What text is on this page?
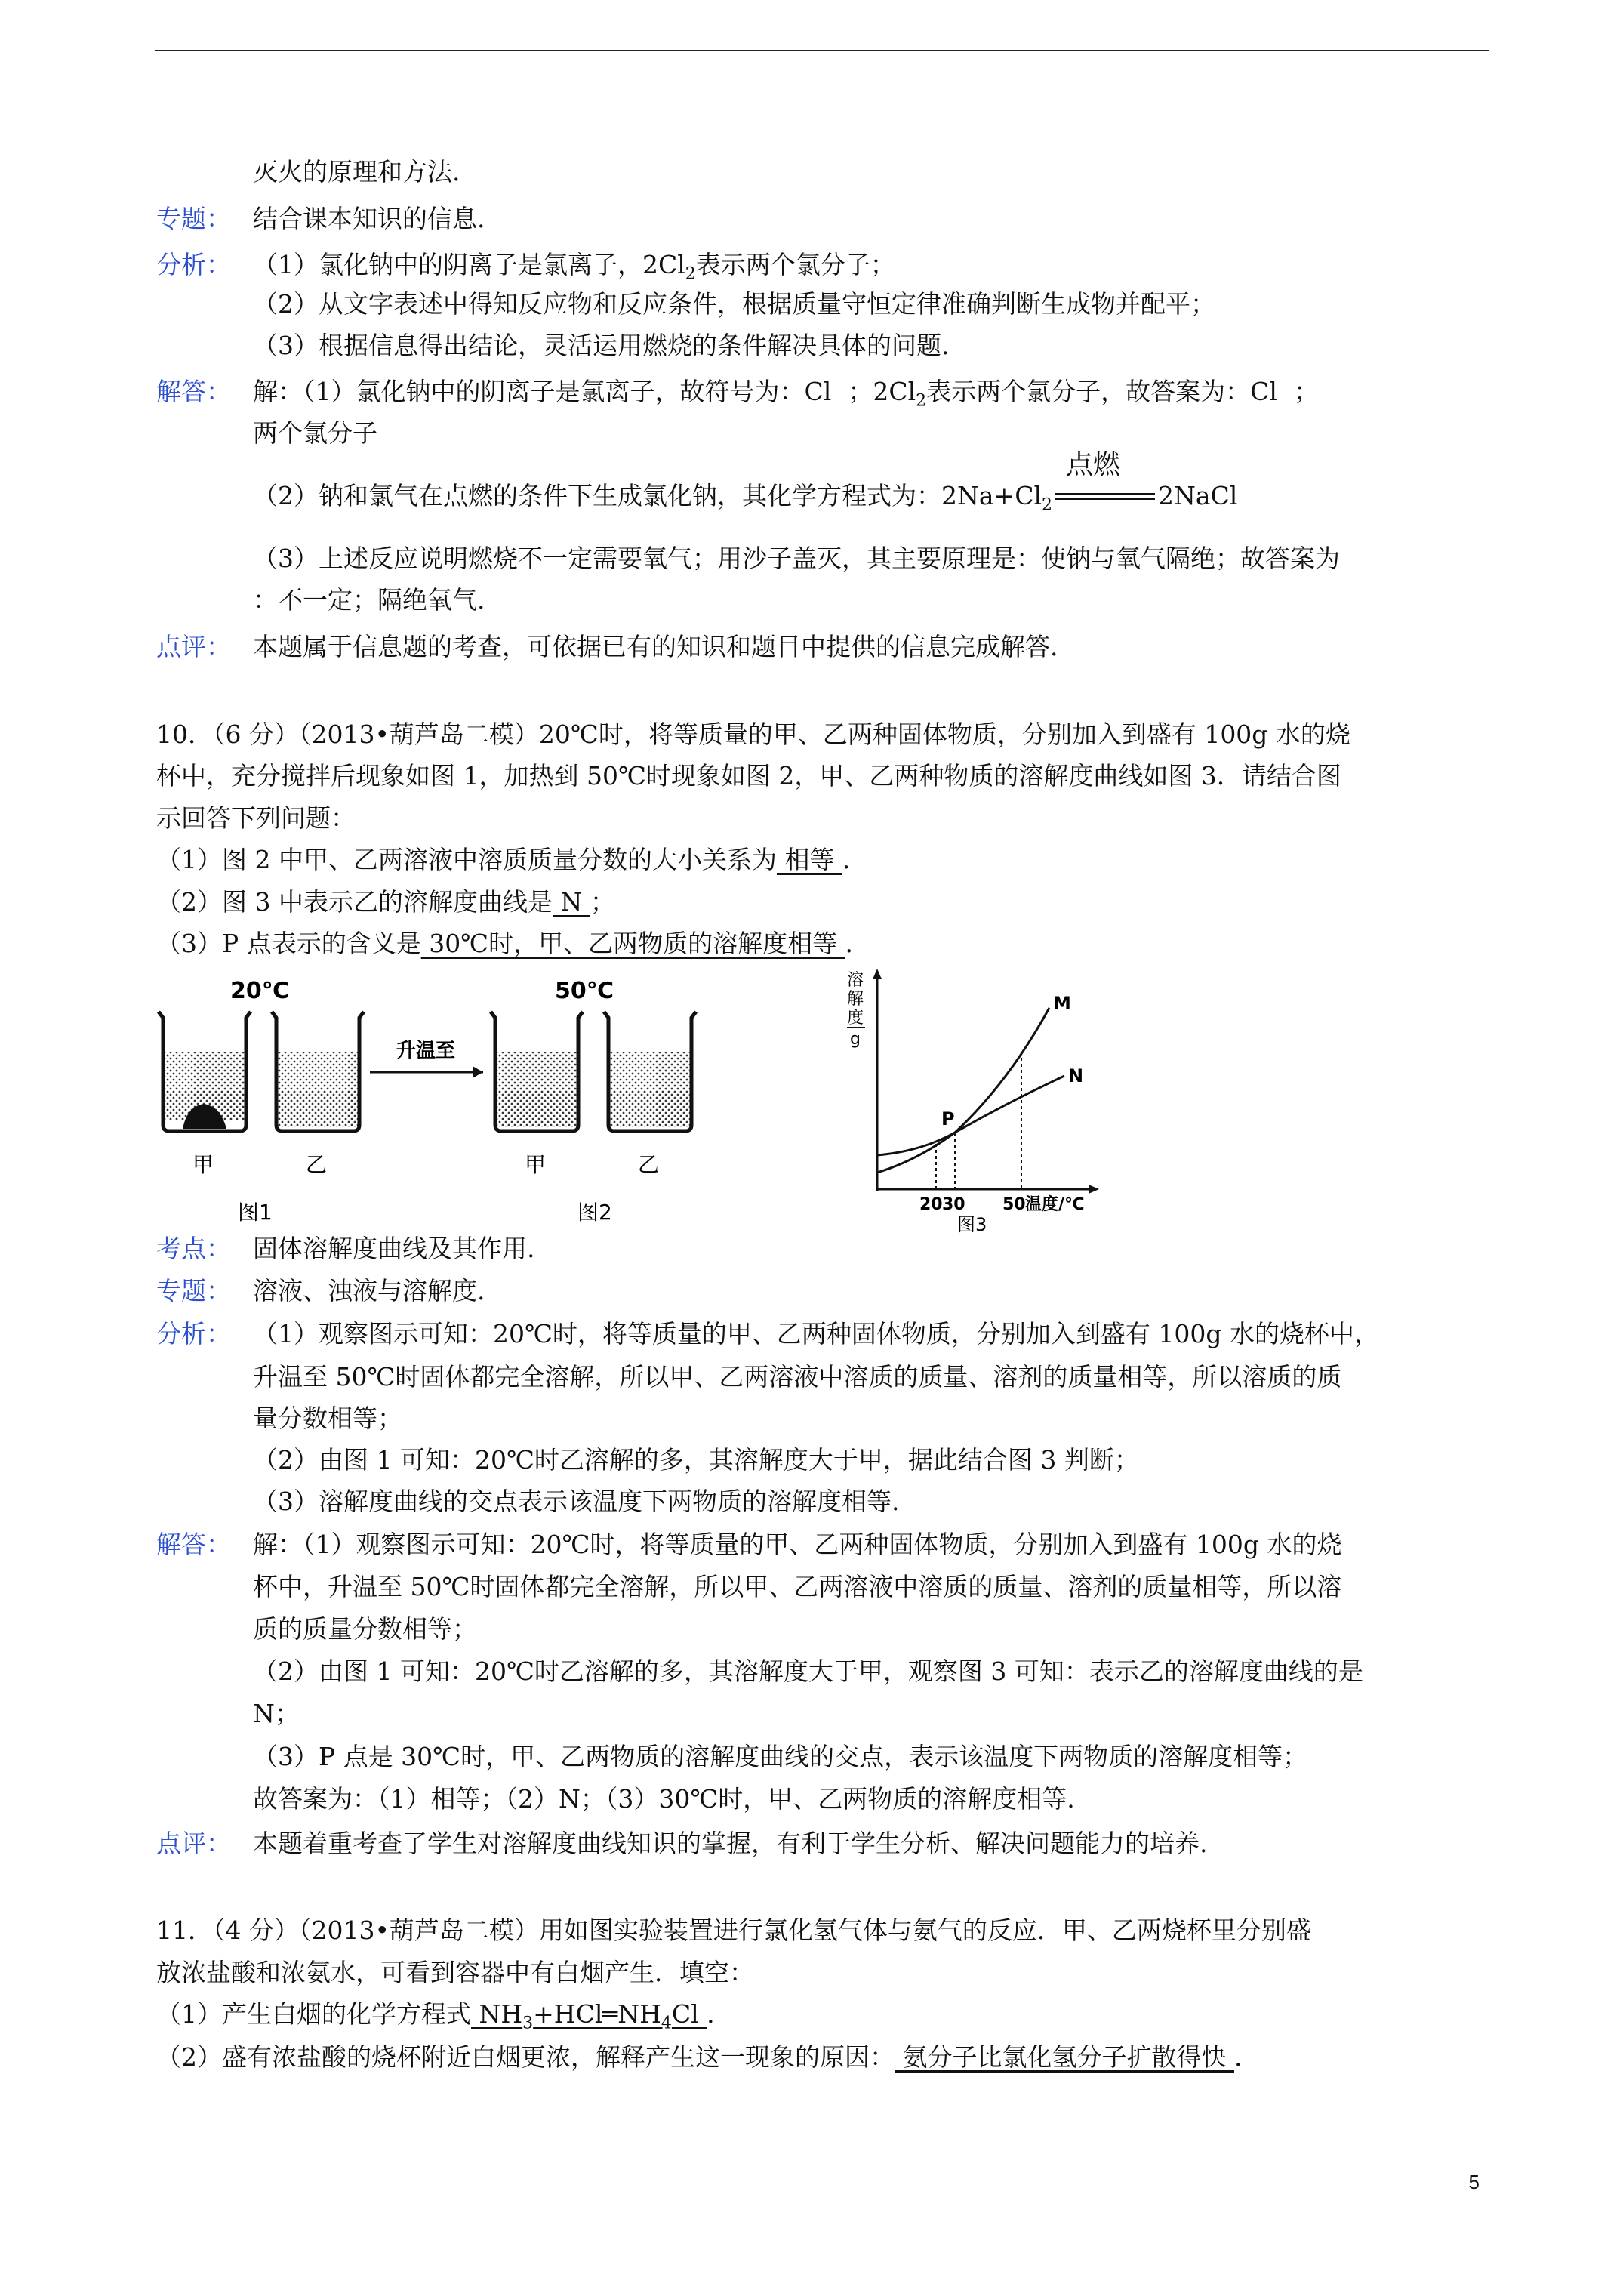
灭火的原理和方法.
专题： 结合课本知识的信息.
分析： （1）氯化钠中的阴离子是氯离子，$2Cl_2$表示两个氯分子；
（2）从文字表述中得知反应物和反应条件，根据质量守恒定律准确判断生成物并配平；
（3）根据信息得出结论，灵活运用燃烧的条件解决具体的问题.
解答： 解：（1）氯化钠中的阴离子是氯离子，故符号为：Cl﹣；$2Cl_2$表示两个氯分子，故答案为：Cl﹣；
两个氯分子
（2）钠和氯气在点燃的条件下生成氯化钠，其化学方程式为：$2Na+Cl_2$
点燃
2NaCl
（3）上述反应说明燃烧不一定需要氧气；用沙子盖灭，其主要原理是：使钠与氧气隔绝；故答案为
：不一定；隔绝氧气.
点评： 本题属于信息题的考查，可依据已有的知识和题目中提供的信息完成解答.
10．（6 分）（2013•葫芦岛二模）20℃时，将等质量的甲、乙两种固体物质，分别加入到盛有 100g 水的烧
杯中，充分搅拌后现象如图 1，加热到 50℃时现象如图 2，甲、乙两种物质的溶解度曲线如图 3．请结合图
示回答下列问题：
（1）图 2 中甲、乙两溶液中溶质质量分数的大小关系为 相等 ．
（2）图 3 中表示乙的溶解度曲线是 N ；
（3）P 点表示的含义是 30℃时，甲、乙两物质的溶解度相等 ．
20℃	50℃
升温至
甲	乙	甲	乙
图1	图2
溶
解
度
g
P
M
N
20 30 50 温度/℃
图3
考点： 固体溶解度曲线及其作用.
专题： 溶液、浊液与溶解度.
分析： （1）观察图示可知：20℃时，将等质量的甲、乙两种固体物质，分别加入到盛有 100g 水的烧杯中，
升温至 50℃时固体都完全溶解，所以甲、乙两溶液中溶质的质量、溶剂的质量相等，所以溶质的质
量分数相等；
（2）由图 1 可知：20℃时乙溶解的多，其溶解度大于甲，据此结合图 3 判断；
（3）溶解度曲线的交点表示该温度下两物质的溶解度相等.
解答： 解：（1）观察图示可知：20℃时，将等质量的甲、乙两种固体物质，分别加入到盛有 100g 水的烧
杯中，升温至 50℃时固体都完全溶解，所以甲、乙两溶液中溶质的质量、溶剂的质量相等，所以溶
质的质量分数相等；
（2）由图 1 可知：20℃时乙溶解的多，其溶解度大于甲，观察图 3 可知：表示乙的溶解度曲线的是
N；
（3）P 点是 30℃时，甲、乙两物质的溶解度曲线的交点，表示该温度下两物质的溶解度相等；
故答案为：（1）相等；（2）N；（3）30℃时，甲、乙两物质的溶解度相等.
点评： 本题着重考查了学生对溶解度曲线知识的掌握，有利于学生分析、解决问题能力的培养.
11．（4 分）（2013•葫芦岛二模）用如图实验装置进行氯化氢气体与氨气的反应．甲、乙两烧杯里分别盛
放浓盐酸和浓氨水，可看到容器中有白烟产生．填空：
（1）产生白烟的化学方程式 $NH_3+HCl═NH_4Cl$ ．
（2）盛有浓盐酸的烧杯附近白烟更浓，解释产生这一现象的原因： 氨分子比氯化氢分子扩散得快 .
5
